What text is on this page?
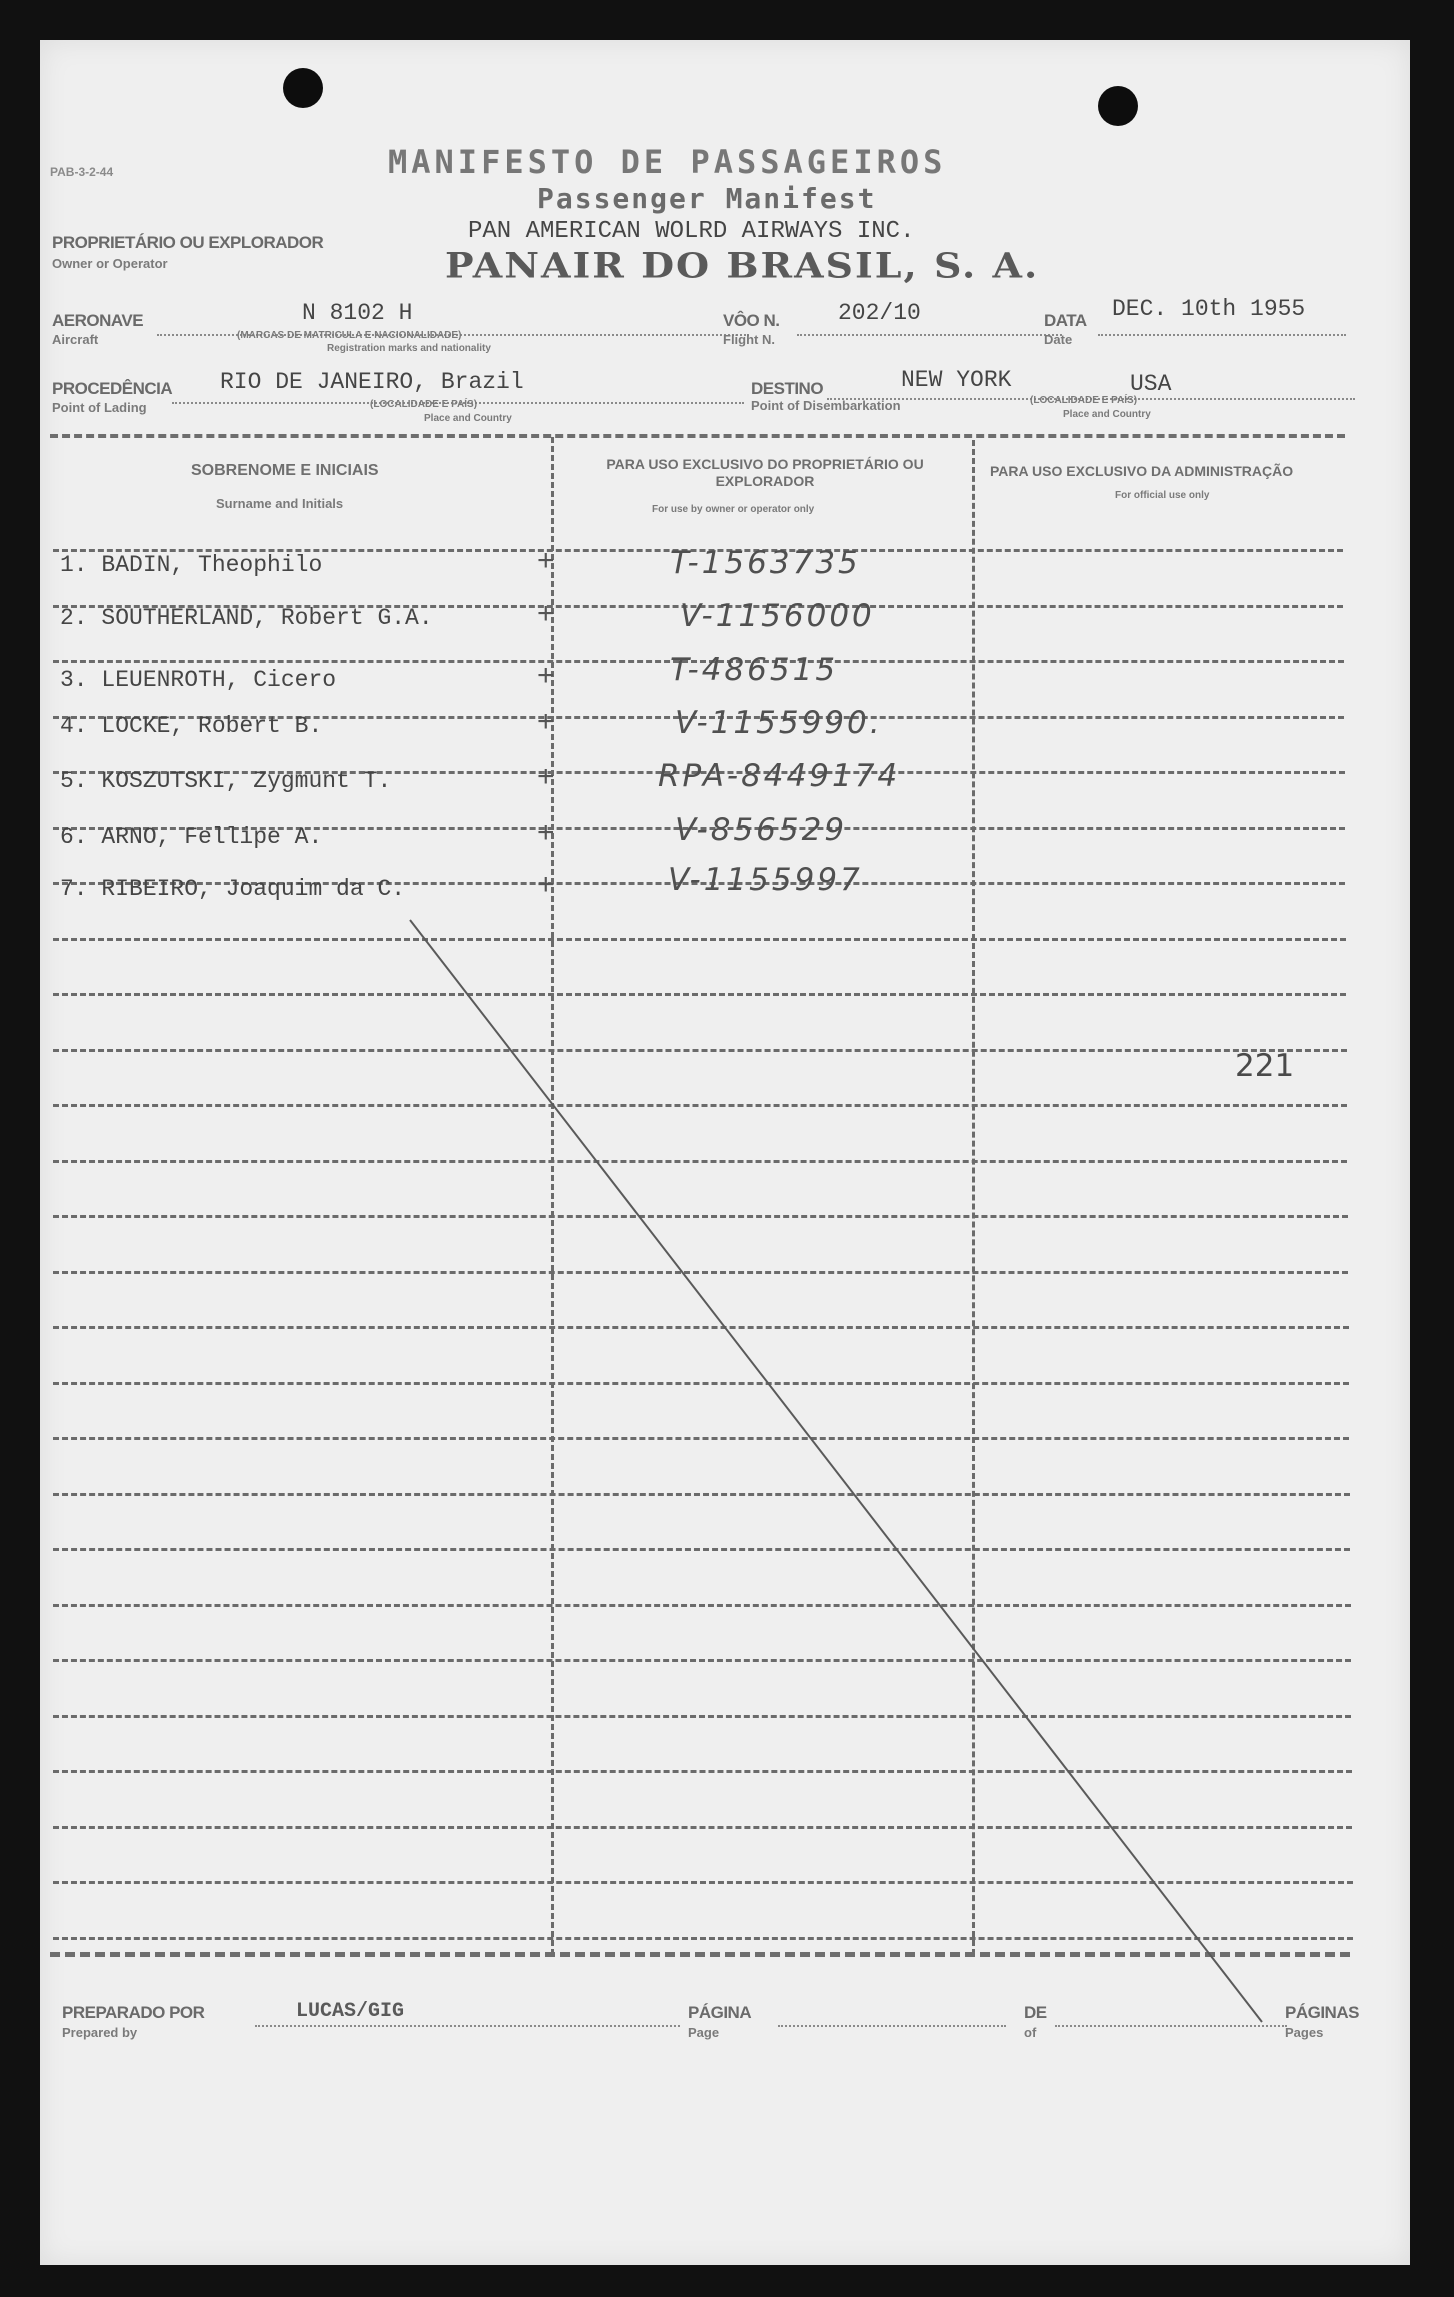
PAB-3-2-44	MANIFESTO DE PASSAGEIROS
Passenger Manifest
PAN AMERICAN WOLRD AIRWAYS INC.
PANAIR DO BRASIL, S. A.
PROPRIETÁRIO OU EXPLORADOR
Owner or Operator
AERONAVE
Aircraft
N 8102 H
(MARCAS DE MATRICULA E NACIONALIDADE)
Registration marks and nationality
VÔO N.
Flight N.
202/10	DATA
Date
DEC. 10th 1955
PROCEDÊNCIA
Point of Lading
RIO DE JANEIRO, Brazil
(LOCALIDADE E PAÍS)
Place and Country
DESTINO
Point of Disembarkation
NEW YORK	USA
(LOCALIDADE E PAÍS)
Place and Country
SOBRENOME E INICIAIS
Surname and Initials
PARA USO EXCLUSIVO DO PROPRIETÁRIO OU EXPLORADOR
For use by owner or operator only
PARA USO EXCLUSIVO DA ADMINISTRAÇÃO
For official use only
1. BADIN, Theophilo	+	T-1563735
2. SOUTHERLAND, Robert G.A.	+	V-1156000
3. LEUENROTH, Cicero	+	T-486515
4. LOCKE, Robert B.	+	V-1155990.
5. KOSZUTSKI, Zygmunt T.	+	RPA-8449174
6. ARNO, Fellipe A.	+	V-856529
7. RIBEIRO, Joaquim da C.	+	V-1155997
221
PREPARADO POR
Prepared by
LUCAS/GIG	PÁGINA
Page
DE
of
PÁGINAS
Pages
